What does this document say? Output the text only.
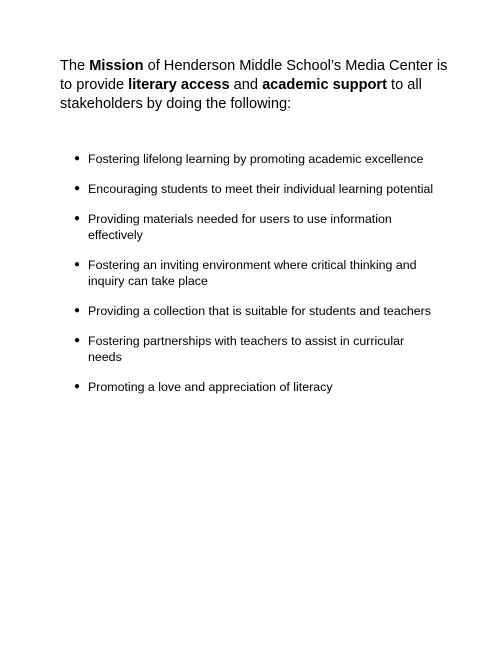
The Mission of Henderson Middle School’s Media Center is to provide literary access and academic support to all stakeholders by doing the following:

● Fostering lifelong learning by promoting academic excellence
● Encouraging students to meet their individual learning potential
● Providing materials needed for users to use information effectively
● Fostering an inviting environment where critical thinking and inquiry can take place
● Providing a collection that is suitable for students and teachers
● Fostering partnerships with teachers to assist in curricular needs
● Promoting a love and appreciation of literacy
